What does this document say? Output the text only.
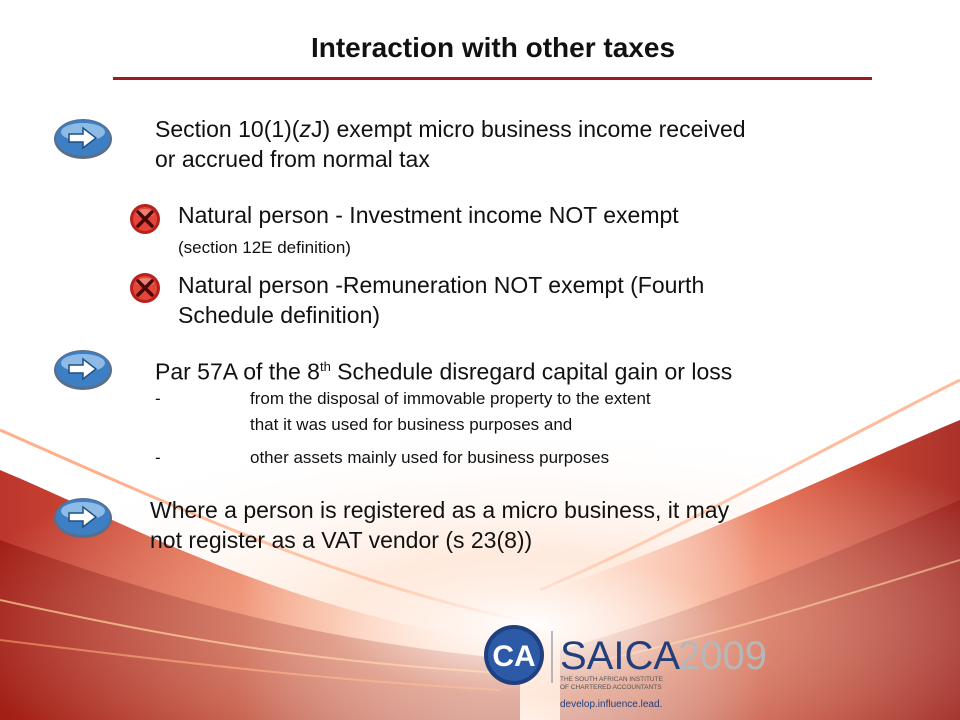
Interaction with other taxes
Section 10(1)(zJ) exempt micro business income received
or accrued from normal tax
Natural person - Investment income NOT exempt
(section 12E definition)
Natural person -Remuneration NOT exempt (Fourth
Schedule definition)
Par 57A of the 8th Schedule disregard capital gain or loss
-	from the disposal of immovable property to the extent
that it was used for business purposes and
-	other assets mainly used for business purposes
Where a person is registered as a micro business, it may
not register as a VAT vendor (s 23(8))
CA SAICA
2009
THE SOUTH AFRICAN INSTITUTE
OF CHARTERED ACCOUNTANTS
develop.influence.lead.
